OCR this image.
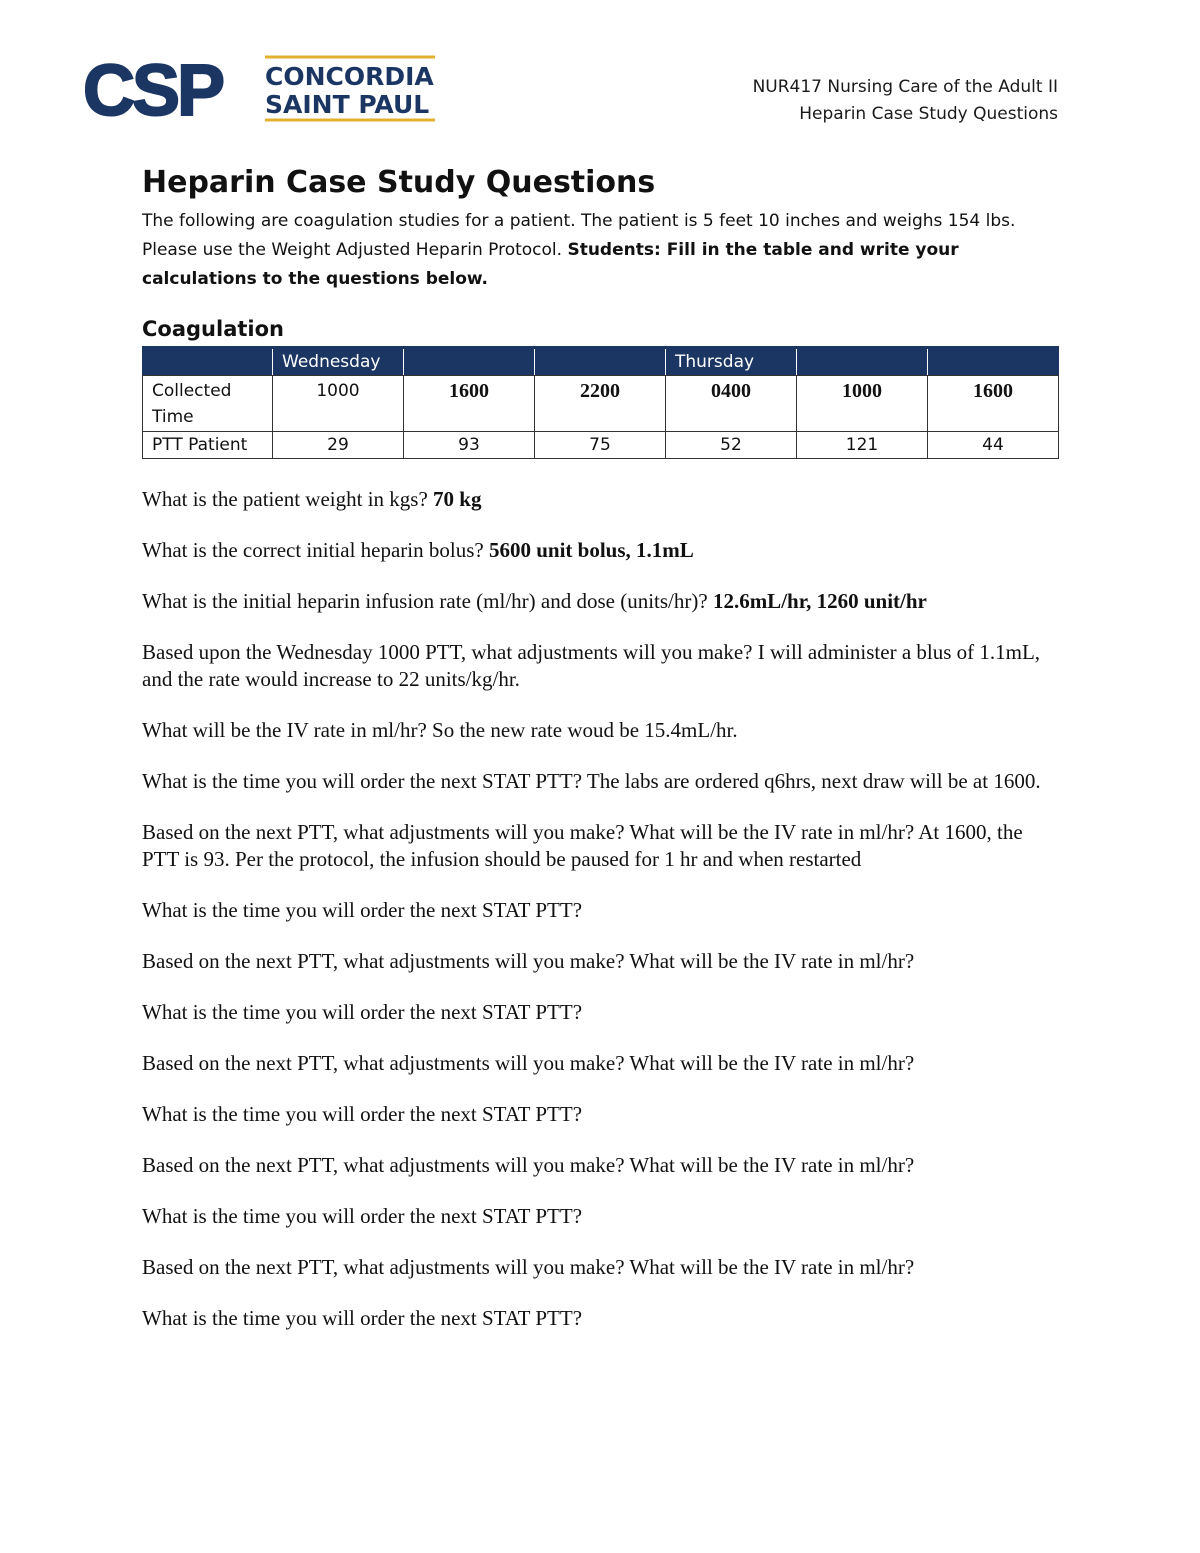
CSP CONCORDIA
SAINT PAUL
NUR417 Nursing Care of the Adult II
Heparin Case Study Questions
Heparin Case Study Questions

The following are coagulation studies for a patient. The patient is 5 feet 10 inches and weighs 154 lbs. Please use the Weight Adjusted Heparin Protocol. Students: Fill in the table and write your calculations to the questions below.

Coagulation
	Wednesday			Thursday		
Collected Time	1000	1600	2200	0400	1000	1600
PTT Patient	29	93	75	52	121	44

What is the patient weight in kgs? 70 kg

What is the correct initial heparin bolus? 5600 unit bolus, 1.1mL

What is the initial heparin infusion rate (ml/hr) and dose (units/hr)? 12.6mL/hr, 1260 unit/hr

Based upon the Wednesday 1000 PTT, what adjustments will you make? I will administer a blus of 1.1mL, and the rate would increase to 22 units/kg/hr.

What will be the IV rate in ml/hr? So the new rate woud be 15.4mL/hr.

What is the time you will order the next STAT PTT? The labs are ordered q6hrs, next draw will be at 1600.

Based on the next PTT, what adjustments will you make? What will be the IV rate in ml/hr? At 1600, the PTT is 93. Per the protocol, the infusion should be paused for 1 hr and when restarted

What is the time you will order the next STAT PTT?

Based on the next PTT, what adjustments will you make? What will be the IV rate in ml/hr?

What is the time you will order the next STAT PTT?

Based on the next PTT, what adjustments will you make? What will be the IV rate in ml/hr?

What is the time you will order the next STAT PTT?

Based on the next PTT, what adjustments will you make? What will be the IV rate in ml/hr?

What is the time you will order the next STAT PTT?

Based on the next PTT, what adjustments will you make? What will be the IV rate in ml/hr?

What is the time you will order the next STAT PTT?
